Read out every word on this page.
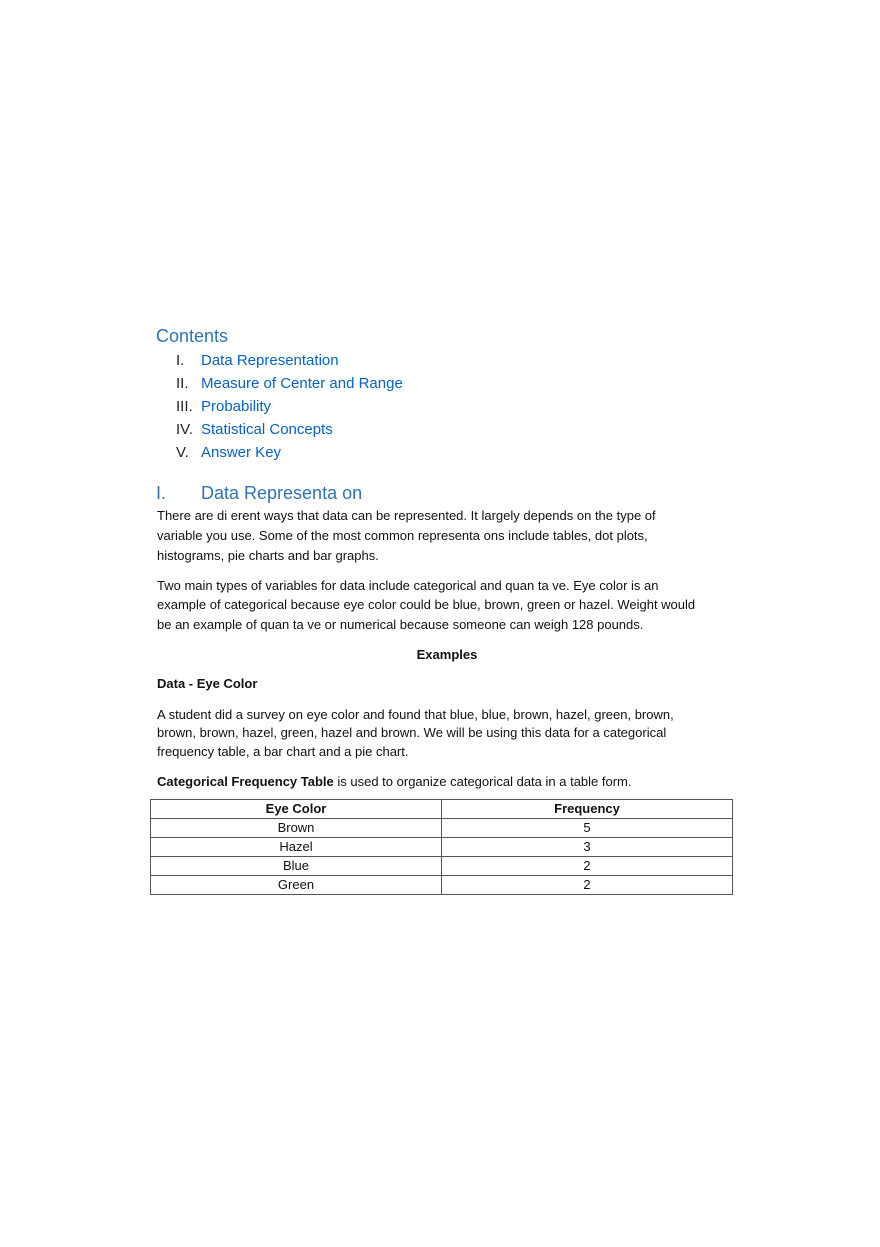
Contents
I. Data Representation
II. Measure of Center and Range
III. Probability
IV. Statistical Concepts
V. Answer Key
I. Data Representa on
There are di erent ways that data can be represented. It largely depends on the type of
variable you use. Some of the most common representa ons include tables, dot plots,
histograms, pie charts and bar graphs.
Two main types of variables for data include categorical and quan ta ve. Eye color is an
example of categorical because eye color could be blue, brown, green or hazel. Weight would
be an example of quan ta ve or numerical because someone can weigh 128 pounds.
Examples
Data - Eye Color
A student did a survey on eye color and found that blue, blue, brown, hazel, green, brown,
brown, brown, hazel, green, hazel and brown. We will be using this data for a categorical
frequency table, a bar chart and a pie chart.
Categorical Frequency Table is used to organize categorical data in a table form.
Eye Color	Frequency
Brown	5
Hazel	3
Blue	2
Green	2
